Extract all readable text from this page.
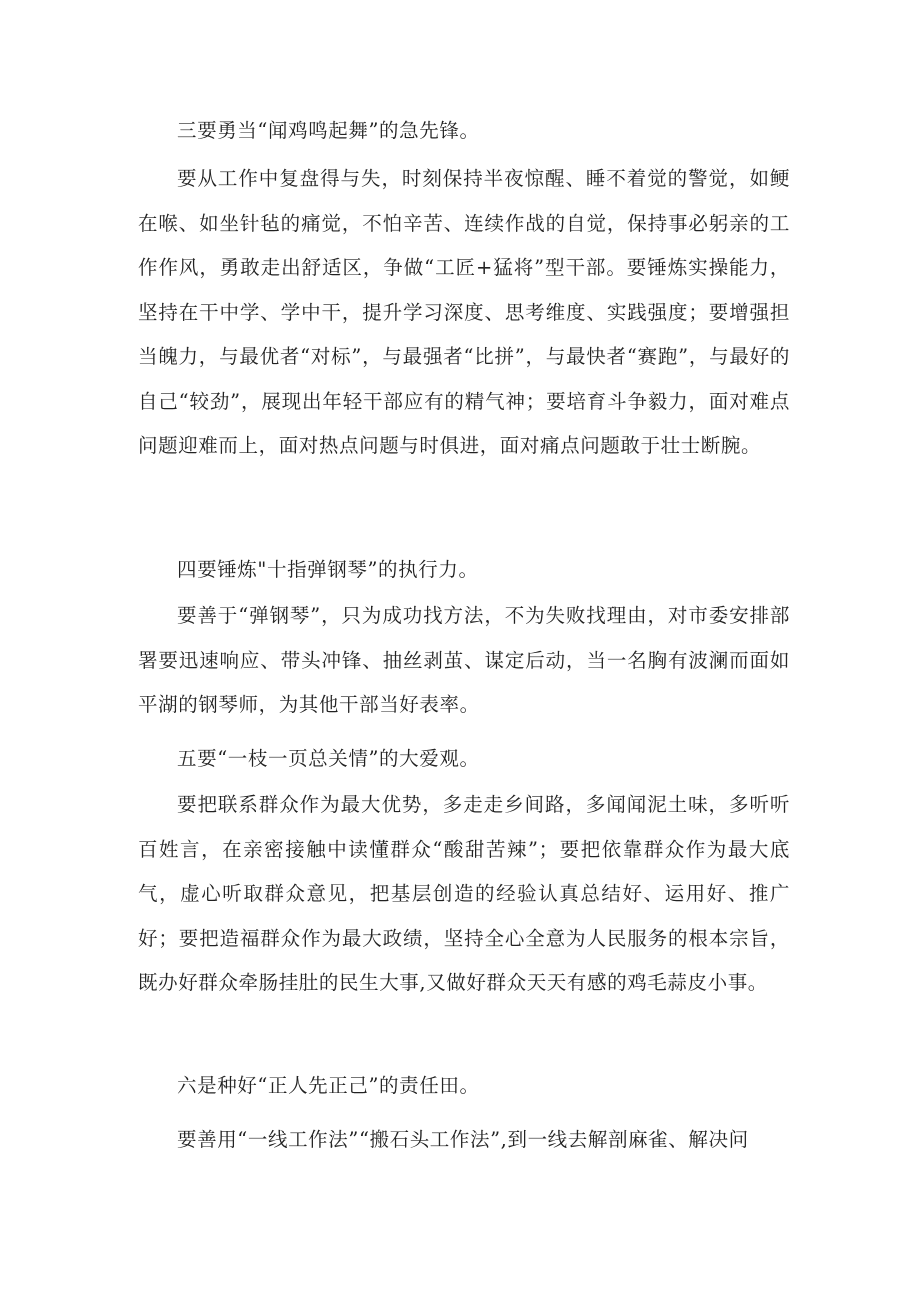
三要勇当“闻鸡鸣起舞”的急先锋。

要从工作中复盘得与失，时刻保持半夜惊醒、睡不着觉的警觉，如鲠在喉、如坐针毡的痛觉，不怕辛苦、连续作战的自觉，保持事必躬亲的工作作风，勇敢走出舒适区，争做“工匠+猛将”型干部。要锤炼实操能力，坚持在干中学、学中干，提升学习深度、思考维度、实践强度；要增强担当魄力，与最优者“对标”，与最强者“比拼”，与最快者“赛跑”，与最好的自己“较劲”，展现出年轻干部应有的精气神；要培育斗争毅力，面对难点问题迎难而上，面对热点问题与时俱进，面对痛点问题敢于壮士断腕。

四要锤炼"十指弹钢琴”的执行力。

要善于“弹钢琴”，只为成功找方法，不为失败找理由，对市委安排部署要迅速响应、带头冲锋、抽丝剥茧、谋定后动，当一名胸有波澜而面如平湖的钢琴师，为其他干部当好表率。

五要“一枝一页总关情”的大爱观。

要把联系群众作为最大优势，多走走乡间路，多闻闻泥土味，多听听百姓言，在亲密接触中读懂群众“酸甜苦辣”；要把依靠群众作为最大底气，虚心听取群众意见，把基层创造的经验认真总结好、运用好、推广好；要把造福群众作为最大政绩，坚持全心全意为人民服务的根本宗旨，既办好群众牵肠挂肚的民生大事,又做好群众天天有感的鸡毛蒜皮小事。

六是种好“正人先正己”的责任田。

要善用“一线工作法”“搬石头工作法”,到一线去解剖麻雀、解决问
